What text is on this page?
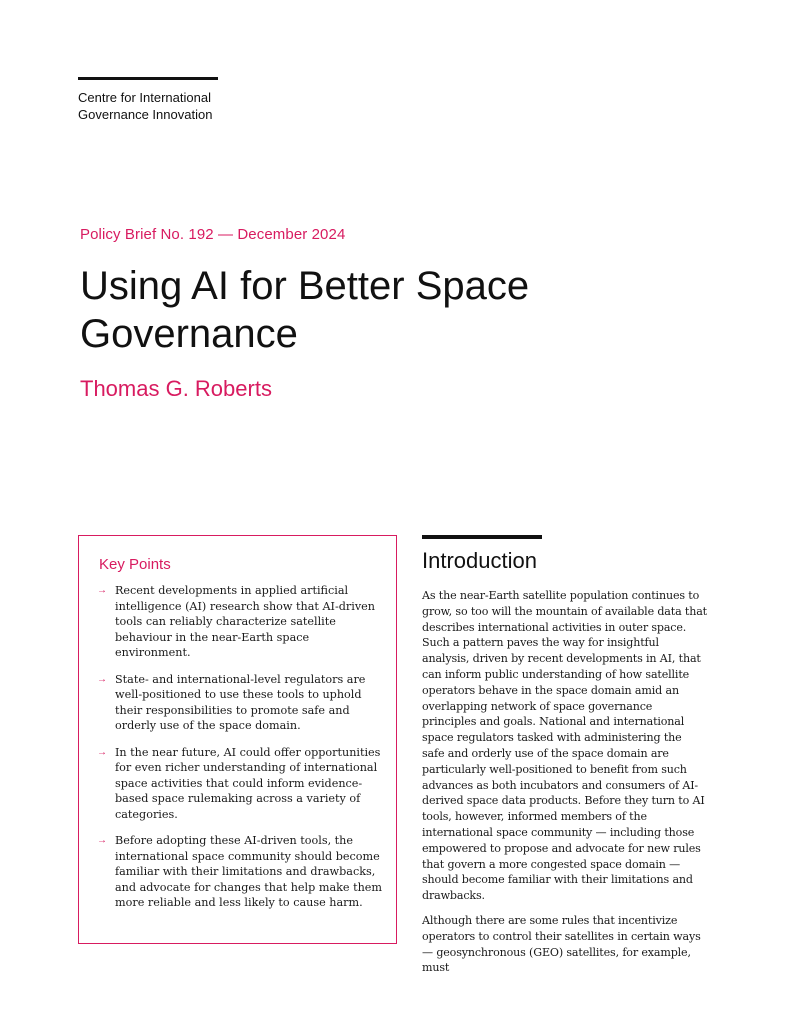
Centre for International
Governance Innovation
Policy Brief No. 192 — December 2024
Using AI for Better Space Governance
Thomas G. Roberts
Key Points
→ Recent developments in applied artificial intelligence (AI) research show that AI-driven tools can reliably characterize satellite behaviour in the near-Earth space environment.
→ State- and international-level regulators are well-positioned to use these tools to uphold their responsibilities to promote safe and orderly use of the space domain.
→ In the near future, AI could offer opportunities for even richer understanding of international space activities that could inform evidence-based space rulemaking across a variety of categories.
→ Before adopting these AI-driven tools, the international space community should become familiar with their limitations and drawbacks, and advocate for changes that help make them more reliable and less likely to cause harm.
Introduction

As the near-Earth satellite population continues to grow, so too will the mountain of available data that describes international activities in outer space. Such a pattern paves the way for insightful analysis, driven by recent developments in AI, that can inform public understanding of how satellite operators behave in the space domain amid an overlapping network of space governance principles and goals. National and international space regulators tasked with administering the safe and orderly use of the space domain are particularly well-positioned to benefit from such advances as both incubators and consumers of AI-derived space data products. Before they turn to AI tools, however, informed members of the international space community — including those empowered to propose and advocate for new rules that govern a more congested space domain — should become familiar with their limitations and drawbacks.

Although there are some rules that incentivize operators to control their satellites in certain ways — geosynchronous (GEO) satellites, for example, must
